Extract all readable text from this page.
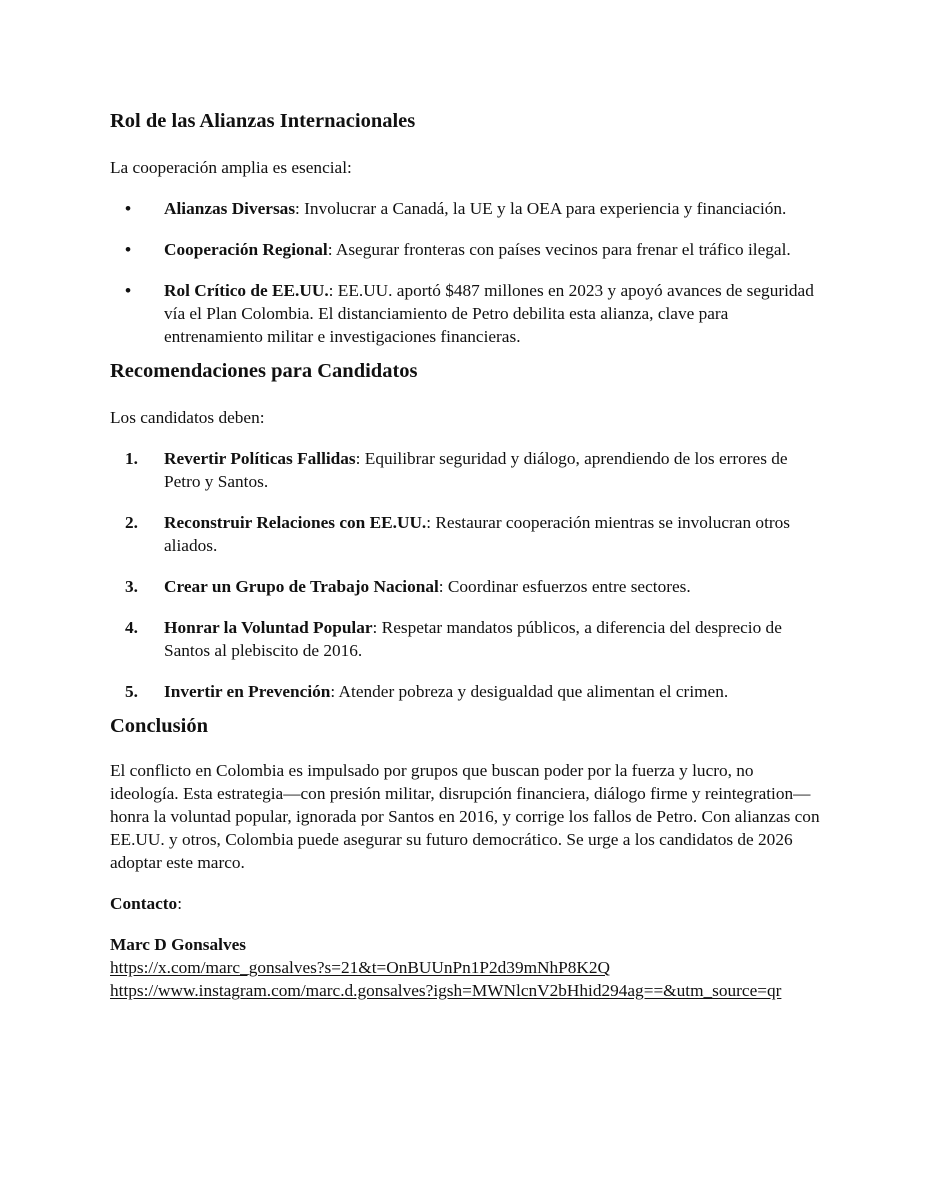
Rol de las Alianzas Internacionales

La cooperación amplia es esencial:

• Alianzas Diversas: Involucrar a Canadá, la UE y la OEA para experiencia y financiación.
• Cooperación Regional: Asegurar fronteras con países vecinos para frenar el tráfico ilegal.
• Rol Crítico de EE.UU.: EE.UU. aportó $487 millones en 2023 y apoyó avances de seguridad vía el Plan Colombia. El distanciamiento de Petro debilita esta alianza, clave para entrenamiento militar e investigaciones financieras.
Recomendaciones para Candidatos

Los candidatos deben:

1. Revertir Políticas Fallidas: Equilibrar seguridad y diálogo, aprendiendo de los errores de Petro y Santos.
2. Reconstruir Relaciones con EE.UU.: Restaurar cooperación mientras se involucran otros aliados.
3. Crear un Grupo de Trabajo Nacional: Coordinar esfuerzos entre sectores.
4. Honrar la Voluntad Popular: Respetar mandatos públicos, a diferencia del desprecio de Santos al plebiscito de 2016.
5. Invertir en Prevención: Atender pobreza y desigualdad que alimentan el crimen.
Conclusión

El conflicto en Colombia es impulsado por grupos que buscan poder por la fuerza y lucro, no ideología. Esta estrategia—con presión militar, disrupción financiera, diálogo firme y reintegration—honra la voluntad popular, ignorada por Santos en 2016, y corrige los fallos de Petro. Con alianzas con EE.UU. y otros, Colombia puede asegurar su futuro democrático. Se urge a los candidatos de 2026 adoptar este marco.

Contacto:

Marc D Gonsalves

https://x.com/marc_gonsalves?s=21&t=OnBUUnPn1P2d39mNhP8K2Q

https://www.instagram.com/marc.d.gonsalves?igsh=MWNlcnV2bHhid294ag==&utm_source=qr
